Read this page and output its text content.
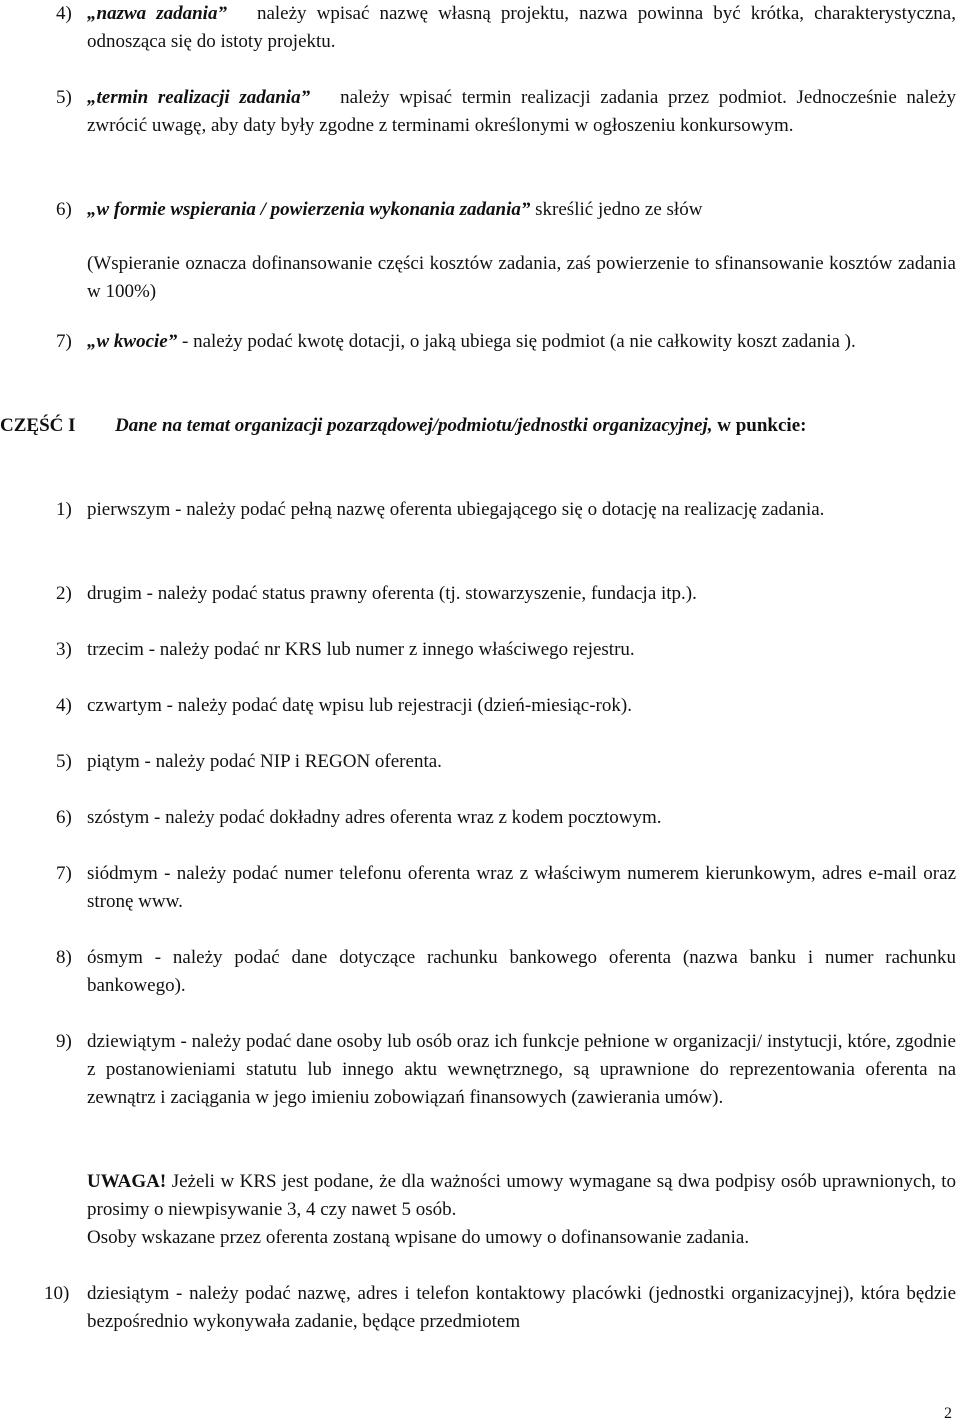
4) „nazwa zadania” należy wpisać nazwę własną projektu, nazwa powinna być krótka, charakterystyczna, odnosząca się do istoty projektu.
5) „termin realizacji zadania” należy wpisać termin realizacji zadania przez podmiot. Jednocześnie należy zwrócić uwagę, aby daty były zgodne z terminami określonymi w ogłoszeniu konkursowym.
6) „w formie wspierania / powierzenia wykonania zadania” skreślić jedno ze słów
(Wspieranie oznacza dofinansowanie części kosztów zadania, zaś powierzenie to sfinansowanie kosztów zadania w 100%)
7) „w kwocie” - należy podać kwotę dotacji, o jaką ubiega się podmiot (a nie całkowity koszt zadania ).
CZĘŚĆ I Dane na temat organizacji pozarządowej/podmiotu/jednostki organizacyjnej, w punkcie:
1) pierwszym - należy podać pełną nazwę oferenta ubiegającego się o dotację na realizację zadania.
2) drugim - należy podać status prawny oferenta (tj. stowarzyszenie, fundacja itp.).
3) trzecim - należy podać nr KRS lub numer z innego właściwego rejestru.
4) czwartym - należy podać datę wpisu lub rejestracji (dzień-miesiąc-rok).
5) piątym - należy podać NIP i REGON oferenta.
6) szóstym - należy podać dokładny adres oferenta wraz z kodem pocztowym.
7) siódmym - należy podać numer telefonu oferenta wraz z właściwym numerem kierunkowym, adres e-mail oraz stronę www.
8) ósmym - należy podać dane dotyczące rachunku bankowego oferenta (nazwa banku i numer rachunku bankowego).
9) dziewiątym - należy podać dane osoby lub osób oraz ich funkcje pełnione w organizacji/ instytucji, które, zgodnie z postanowieniami statutu lub innego aktu wewnętrznego, są uprawnione do reprezentowania oferenta na zewnątrz i zaciągania w jego imieniu zobowiązań finansowych (zawierania umów).
UWAGA! Jeżeli w KRS jest podane, że dla ważności umowy wymagane są dwa podpisy osób uprawnionych, to prosimy o niewpisywanie 3, 4 czy nawet 5 osób.
Osoby wskazane przez oferenta zostaną wpisane do umowy o dofinansowanie zadania.
10) dziesiątym - należy podać nazwę, adres i telefon kontaktowy placówki (jednostki organizacyjnej), która będzie bezpośrednio wykonywała zadanie, będące przedmiotem
2
